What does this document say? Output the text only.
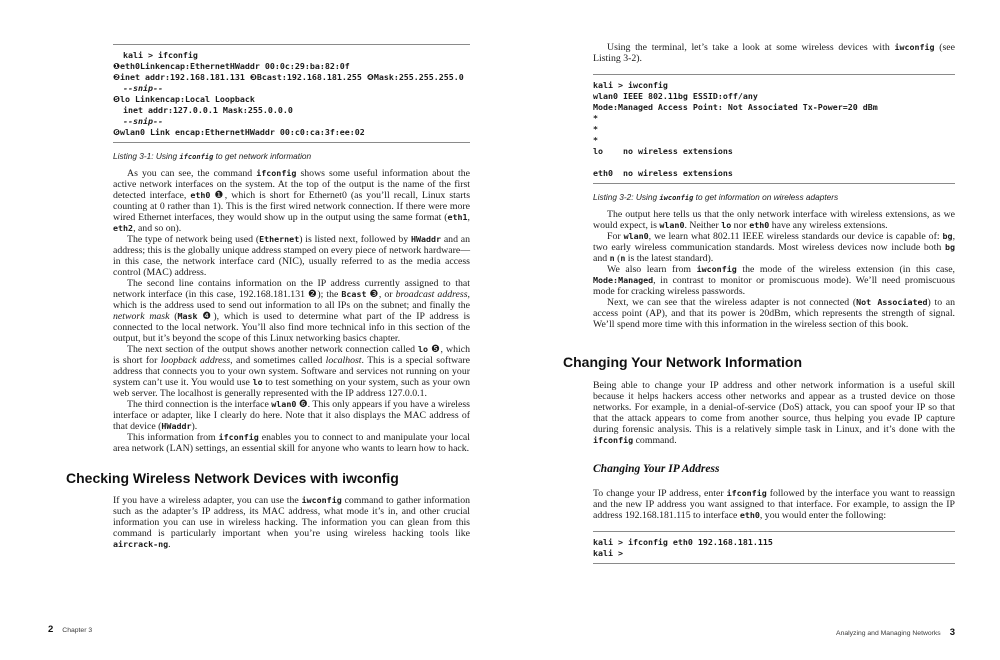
kali > ifconfig
❶eth0Linkencap:EthernetHWaddr 00:0c:29:ba:82:0f
❷inet addr:192.168.181.131 ❸Bcast:192.168.181.255 ❹Mask:255.255.255.0
--snip--
❺lo Linkencap:Local Loopback
inet addr:127.0.0.1 Mask:255.0.0.0
--snip--
❻wlan0 Link encap:EthernetHWaddr 00:c0:ca:3f:ee:02
Listing 3-1: Using ifconfig to get network information
As you can see, the command ifconfig shows some useful information about the active network interfaces on the system. At the top of the output is the name of the first detected interface, eth0 ❶, which is short for Ethernet0 (as you’ll recall, Linux starts counting at 0 rather than 1). This is the first wired network connection. If there were more wired Ethernet interfaces, they would show up in the output using the same format (eth1, eth2, and so on).
The type of network being used (Ethernet) is listed next, followed by HWaddr and an address; this is the globally unique address stamped on every piece of network hardware—in this case, the network interface card (NIC), usually referred to as the media access control (MAC) address.
The second line contains information on the IP address currently assigned to that network interface (in this case, 192.168.181.131 ❷); the Bcast ❸, or broadcast address, which is the address used to send out information to all IPs on the subnet; and finally the network mask (Mask ❹), which is used to determine what part of the IP address is connected to the local network. You’ll also find more technical info in this section of the output, but it’s beyond the scope of this Linux networking basics chapter.
The next section of the output shows another network connection called lo ❺, which is short for loopback address, and sometimes called localhost. This is a special software address that connects you to your own system. Software and services not running on your system can’t use it. You would use lo to test something on your system, such as your own web server. The localhost is generally represented with the IP address 127.0.0.1.
The third connection is the interface wlan0 ❻. This only appears if you have a wireless interface or adapter, like I clearly do here. Note that it also displays the MAC address of that device (HWaddr).
This information from ifconfig enables you to connect to and manipulate your local area network (LAN) settings, an essential skill for anyone who wants to learn how to hack.
Checking Wireless Network Devices with iwconfig

If you have a wireless adapter, you can use the iwconfig command to gather information such as the adapter’s IP address, its MAC address, what mode it’s in, and other crucial information you can use in wireless hacking. The information you can glean from this command is particularly important when you’re using wireless hacking tools like aircrack-ng.

2 Chapter 3

Using the terminal, let’s take a look at some wireless devices with iwconfig (see Listing 3-2).

kali > iwconfig
wlan0 IEEE 802.11bg ESSID:off/any
Mode:Managed Access Point: Not Associated Tx-Power=20 dBm
*
*
*
lo    no wireless extensions

eth0  no wireless extensions
Listing 3-2: Using iwconfig to get information on wireless adapters
The output here tells us that the only network interface with wireless extensions, as we would expect, is wlan0. Neither lo nor eth0 have any wireless extensions.
For wlan0, we learn what 802.11 IEEE wireless standards our device is capable of: bg, two early wireless communication standards. Most wireless devices now include both bg and n (n is the latest standard).
We also learn from iwconfig the mode of the wireless extension (in this case, Mode:Managed, in contrast to monitor or promiscuous mode). We’ll need promiscuous mode for cracking wireless passwords.
Next, we can see that the wireless adapter is not connected (Not Associated) to an access point (AP), and that its power is 20dBm, which represents the strength of signal. We’ll spend more time with this information in the wireless section of this book.
Changing Your Network Information

Being able to change your IP address and other network information is a useful skill because it helps hackers access other networks and appear as a trusted device on those networks. For example, in a denial-of-service (DoS) attack, you can spoof your IP so that that the attack appears to come from another source, thus helping you evade IP capture during forensic analysis. This is a relatively simple task in Linux, and it’s done with the ifconfig command.

Changing Your IP Address

To change your IP address, enter ifconfig followed by the interface you want to reassign and the new IP address you want assigned to that interface. For example, to assign the IP address 192.168.181.115 to interface eth0, you would enter the following:

kali > ifconfig eth0 192.168.181.115
kali >
Analyzing and Managing Networks 3
